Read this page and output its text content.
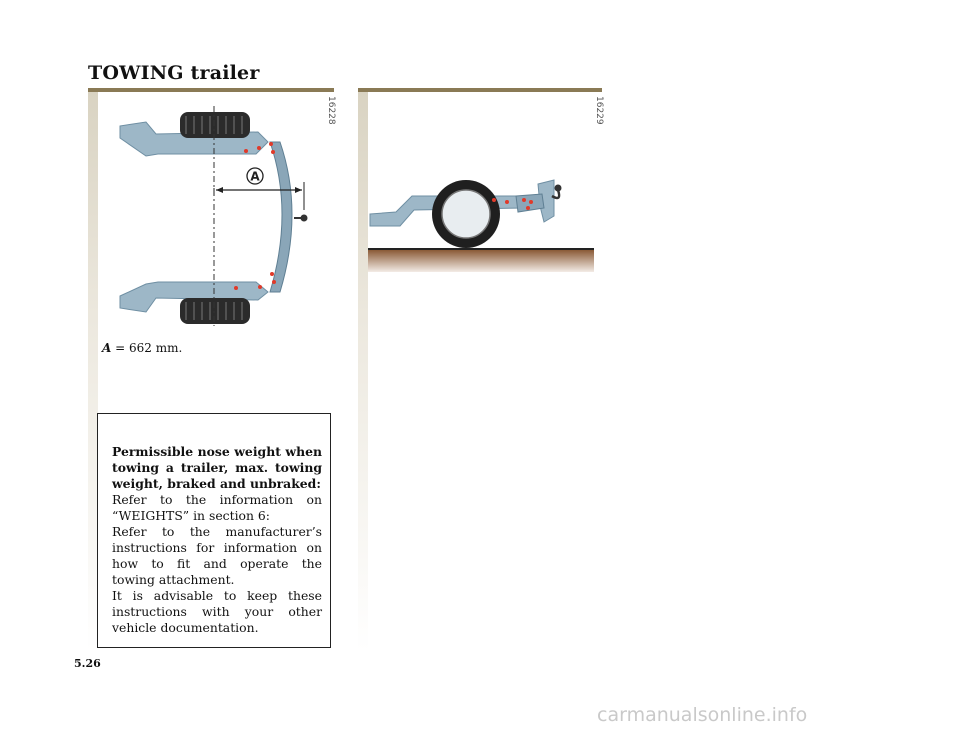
TOWING trailer
A
16228
A = 662 mm.
Permissible nose weight when towing a trailer, max. towing weight, braked and unbraked:
Refer to the information on “WEIGHTS” in section 6:
Refer to the manufacturer’s instructions for information on how to fit and operate the towing attachment.
It is advisable to keep these instructions with your other vehicle documentation.
16229
5.26
carmanualsonline.info
